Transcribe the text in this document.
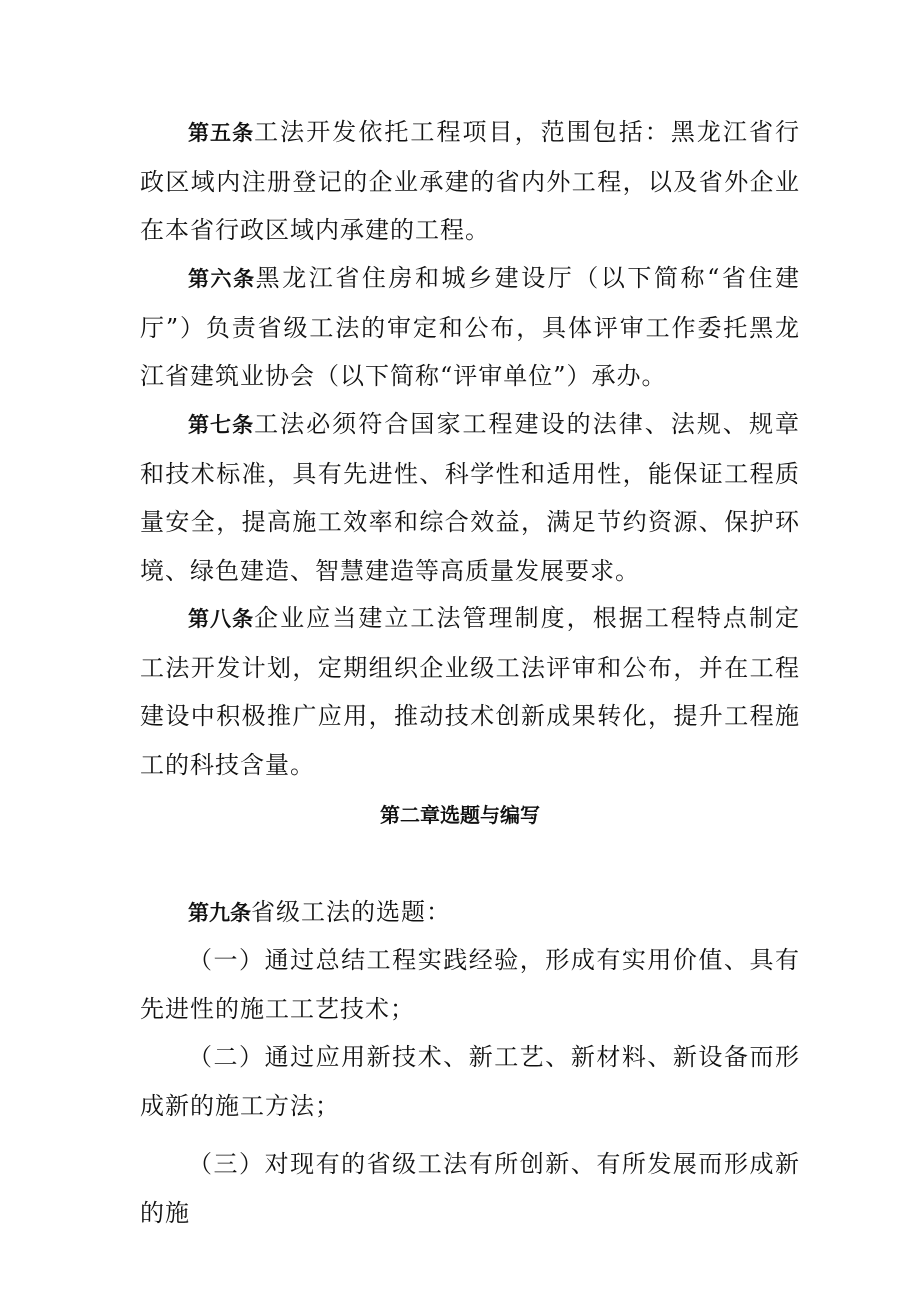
第五条工法开发依托工程项目，范围包括：黑龙江省行政区域内注册登记的企业承建的省内外工程，以及省外企业在本省行政区域内承建的工程。

第六条黑龙江省住房和城乡建设厅（以下简称“省住建厅”）负责省级工法的审定和公布，具体评审工作委托黑龙江省建筑业协会（以下简称“评审单位”）承办。

第七条工法必须符合国家工程建设的法律、法规、规章和技术标准，具有先进性、科学性和适用性，能保证工程质量安全，提高施工效率和综合效益，满足节约资源、保护环境、绿色建造、智慧建造等高质量发展要求。

第八条企业应当建立工法管理制度，根据工程特点制定工法开发计划，定期组织企业级工法评审和公布，并在工程建设中积极推广应用，推动技术创新成果转化，提升工程施工的科技含量。

第二章选题与编写

第九条省级工法的选题：

（一）通过总结工程实践经验，形成有实用价值、具有先进性的施工工艺技术；

（二）通过应用新技术、新工艺、新材料、新设备而形成新的施工方法；

（三）对现有的省级工法有所创新、有所发展而形成新的施
